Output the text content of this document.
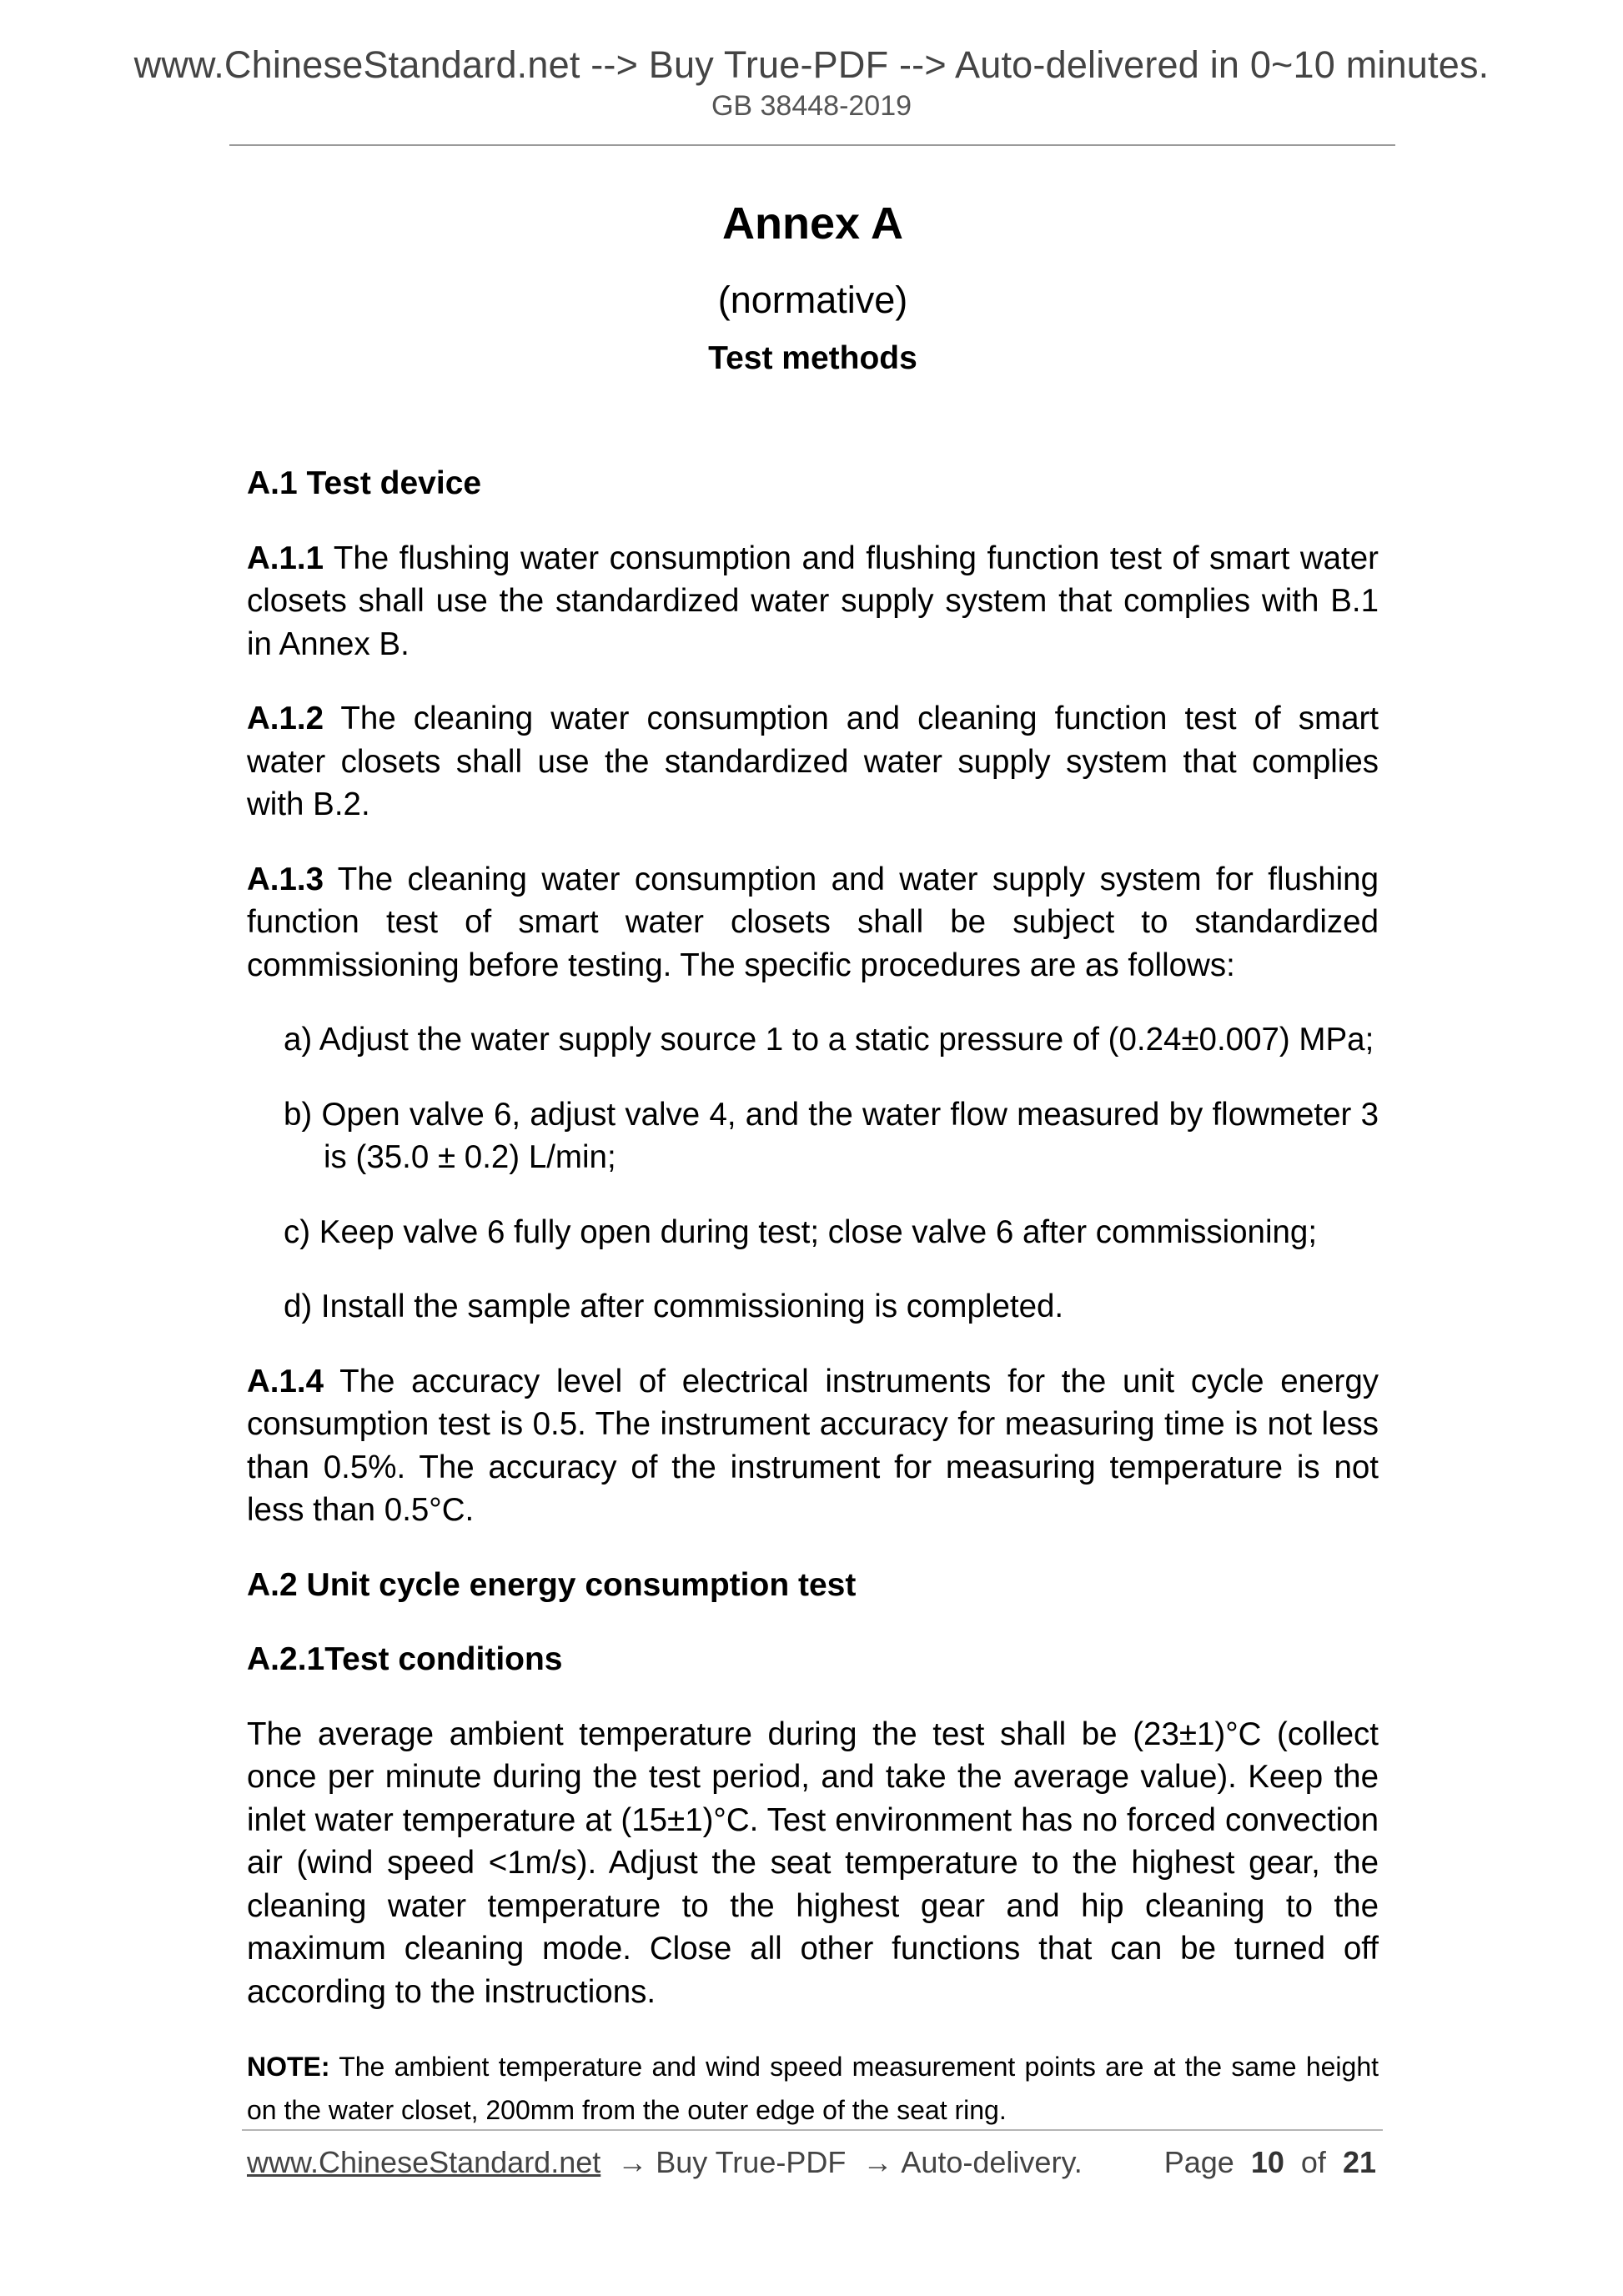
www.ChineseStandard.net --> Buy True-PDF --> Auto-delivered in 0~10 minutes.
GB 38448-2019
Annex A
(normative)
Test methods
A.1 Test device
A.1.1 The flushing water consumption and flushing function test of smart water closets shall use the standardized water supply system that complies with B.1 in Annex B.
A.1.2 The cleaning water consumption and cleaning function test of smart water closets shall use the standardized water supply system that complies with B.2.
A.1.3 The cleaning water consumption and water supply system for flushing function test of smart water closets shall be subject to standardized commissioning before testing. The specific procedures are as follows:
a) Adjust the water supply source 1 to a static pressure of (0.24±0.007) MPa;
b) Open valve 6, adjust valve 4, and the water flow measured by flowmeter 3 is (35.0 ± 0.2) L/min;
c) Keep valve 6 fully open during test; close valve 6 after commissioning;
d) Install the sample after commissioning is completed.
A.1.4 The accuracy level of electrical instruments for the unit cycle energy consumption test is 0.5. The instrument accuracy for measuring time is not less than 0.5%. The accuracy of the instrument for measuring temperature is not less than 0.5°C.
A.2 Unit cycle energy consumption test
A.2.1Test conditions
The average ambient temperature during the test shall be (23±1)°C (collect once per minute during the test period, and take the average value). Keep the inlet water temperature at (15±1)°C. Test environment has no forced convection air (wind speed <1m/s). Adjust the seat temperature to the highest gear, the cleaning water temperature to the highest gear and hip cleaning to the maximum cleaning mode. Close all other functions that can be turned off according to the instructions.
NOTE: The ambient temperature and wind speed measurement points are at the same height on the water closet, 200mm from the outer edge of the seat ring.
www.ChineseStandard.net → Buy True-PDF → Auto-delivery.	Page 10 of 21
